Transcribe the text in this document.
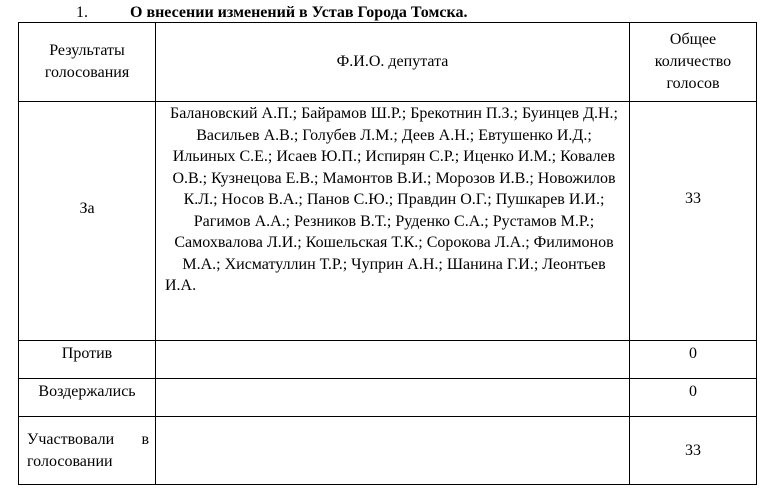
1.	О внесении изменений в Устав Города Томска.
Результаты голосования	Ф.И.О. депутата	Общее количество голосов
За	Балановский А.П.; Байрамов Ш.Р.; Брекотнин П.З.; Буинцев Д.Н.; Васильев А.В.; Голубев Л.М.; Деев А.Н.; Евтушенко И.Д.; Ильиных С.Е.; Исаев Ю.П.; Испирян С.Р.; Иценко И.М.; Ковалев О.В.; Кузнецова Е.В.; Мамонтов В.И.; Морозов И.В.; Новожилов К.Л.; Носов В.А.; Панов С.Ю.; Правдин О.Г.; Пушкарев И.И.; Рагимов А.А.; Резников В.Т.; Руденко С.А.; Рустамов М.Р.; Самохвалова Л.И.; Кошельская Т.К.; Сорокова Л.А.; Филимонов М.А.; Хисматуллин Т.Р.; Чуприн А.Н.; Шанина Г.И.; Леонтьев И.А.	33
Против		0
Воздержались		0

Участвовали в голосовании		33
